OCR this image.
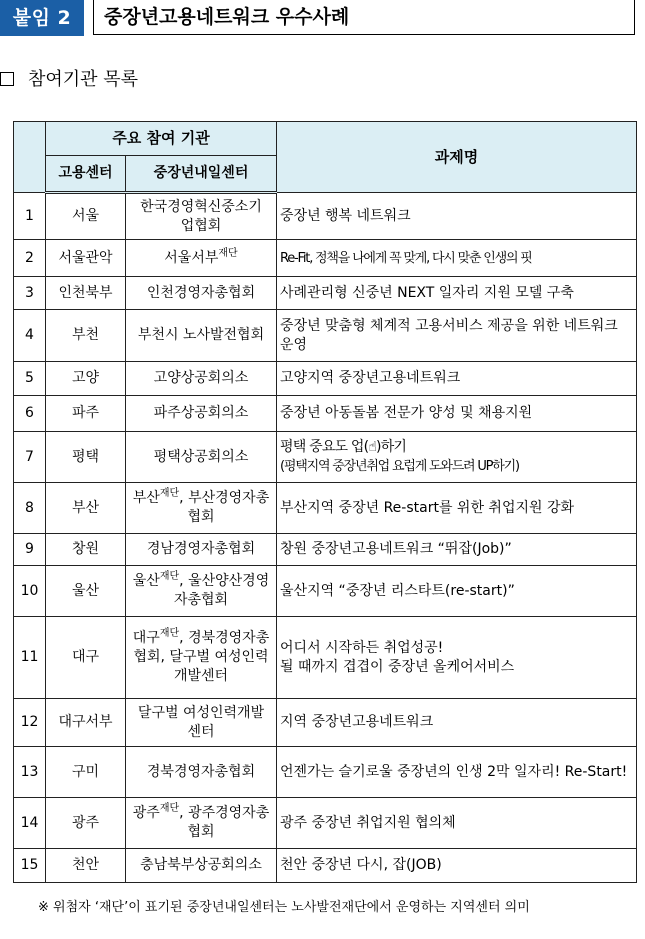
붙임 2	중장년고용네트워크 우수사례
참여기관 목록
	주요 참여 기관		과제명
	고용센터	중장년내일센터	
1	서울	한국경영혁신중소기업협회	중장년 행복 네트워크
2	서울관악	서울서부$^{재단}$	Re-Fit, 정책을 나에게 꼭 맞게, 다시 맞춘 인생의 핏
3	인천북부	인천경영자총협회	사례관리형 신중년 NEXT 일자리 지원 모델 구축
4	부천	부천시 노사발전협회	중장년 맞춤형 체계적 고용서비스 제공을 위한 네트워크 운영
5	고양	고양상공회의소	고양지역 중장년고용네트워크
6	파주	파주상공회의소	중장년 아동돌봄 전문가 양성 및 채용지원
7	평택	평택상공회의소	평택 중요도 업(☝)하기
(평택지역 중장년취업 요럽게 도와드려 UP하기)

8	부산	부산$^{재단}$, 부산경영자총협회	부산지역 중장년 Re-start를 위한 취업지원 강화
9	창원	경남경영자총협회	창원 중장년고용네트워크 “뛰잡(Job)”
10	울산	울산$^{재단}$, 울산양산경영자총협회	울산지역 “중장년 리스타트(re-start)”
11	대구	대구$^{재단}$, 경북경영자총협회, 달구벌 여성인력개발센터	어디서 시작하든 취업성공!
될 때까지 겹겹이 중장년 올케어서비스

12	대구서부	달구벌 여성인력개발센터	지역 중장년고용네트워크
13	구미	경북경영자총협회	언젠가는 슬기로울 중장년의 인생 2막 일자리! Re-Start!
14	광주	광주$^{재단}$, 광주경영자총협회	광주 중장년 취업지원 협의체
15	천안	충남북부상공회의소	천안 중장년 다시, 잡(JOB)
※ 위첨자 ‘재단’이 표기된 중장년내일센터는 노사발전재단에서 운영하는 지역센터 의미
